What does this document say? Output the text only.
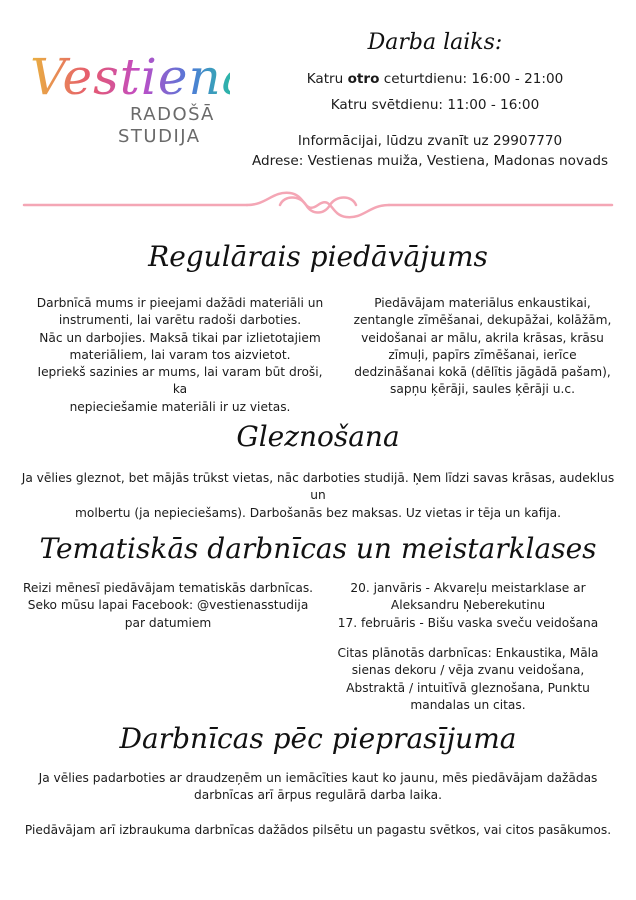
Vestienas
RADOŠĀ
STUDIJA
Darba laiks:
Katru otro ceturtdienu: 16:00 - 21:00
Katru svētdienu: 11:00 - 16:00
Informācijai, lūdzu zvanīt uz 29907770
Adrese: Vestienas muiža, Vestiena, Madonas novads
Regulārais piedāvājums
Darbnīcā mums ir pieejami dažādi materiāli un
instrumenti, lai varētu radoši darboties.
Nāc un darbojies. Maksā tikai par izlietotajiem
materiāliem, lai varam tos aizvietot.
Iepriekš sazinies ar mums, lai varam būt droši, ka
nepieciešamie materiāli ir uz vietas.
Piedāvājam materiālus enkaustikai,
zentangle zīmēšanai, dekupāžai, kolāžām,
veidošanai ar mālu, akrila krāsas, krāsu
zīmuļi, papīrs zīmēšanai, ierīce
dedzināšanai kokā (dēlītis jāgādā pašam),
sapņu ķērāji, saules ķērāji u.c.
Gleznošana
Ja vēlies gleznot, bet mājās trūkst vietas, nāc darboties studijā. Ņem līdzi savas krāsas, audeklus un
molbertu (ja nepieciešams). Darbošanās bez maksas. Uz vietas ir tēja un kafija.
Tematiskās darbnīcas un meistarklases
Reizi mēnesī piedāvājam tematiskās darbnīcas.
Seko mūsu lapai Facebook: @vestienasstudija
par datumiem
20. janvāris - Akvareļu meistarklase ar
Aleksandru Ņeberekutinu
17. februāris - Bišu vaska sveču veidošana
Citas plānotās darbnīcas: Enkaustika, Māla
sienas dekoru / vēja zvanu veidošana,
Abstraktā / intuitīvā gleznošana, Punktu
mandalas un citas.
Darbnīcas pēc pieprasījuma
Ja vēlies padarboties ar draudzeņēm un iemācīties kaut ko jaunu, mēs piedāvājam dažādas
darbnīcas arī ārpus regulārā darba laika.
Piedāvājam arī izbraukuma darbnīcas dažādos pilsētu un pagastu svētkos, vai citos pasākumos.
